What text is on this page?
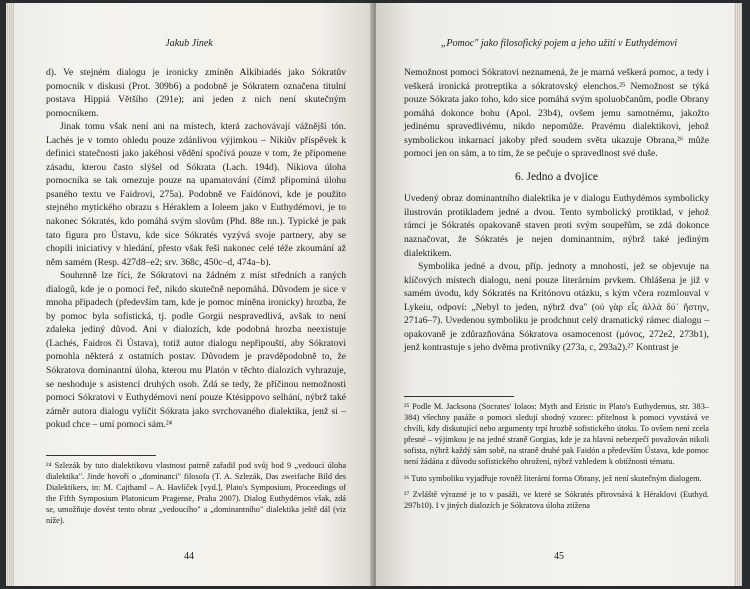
Jakub Jinek

d). Ve stejném dialogu je ironicky zmíněn Alkibiadés jako Sókratův pomocník v diskusi (Prot. 309b6) a podobně je Sókratem označena titulní postava Hippiá Většího (291e); ani jeden z nich není skutečným pomocníkem.

Jinak tomu však není ani na místech, která zachovávají vážnější tón. Lachés je v tomto ohledu pouze zdánlivou výjimkou – Nikiův příspěvek k definici statečnosti jako jakéhosi vědění spočívá pouze v tom, že připomene zásadu, kterou často slýšel od Sókrata (Lach. 194d). Nikiova úloha pomocníka se tak omezuje pouze na upamatování (čímž připomíná úlohu psaného textu ve Faidrovi, 275a). Podobně ve Faidónovi, kde je použito stejného mytického obrazu s Héraklem a Ioleem jako v Euthydémovi, je to nakonec Sókratés, kdo pomáhá svým slovům (Phd. 88e nn.). Typické je pak tato figura pro Ústavu, kde sice Sókratés vyzývá svoje partnery, aby se chopili iniciativy v hledání, přesto však řeší nakonec celé téže zkoumání až něm samém (Resp. 427d8–e2; srv. 368c, 450c–d, 474a–b).

Souhrnně lze říci, že Sókratovi na žádném z míst středních a raných dialogů, kde je o pomoci řeč, nikdo skutečně nepomáhá. Důvodem je sice v mnoha případech (především tam, kde je pomoc míněna ironicky) hrozba, že by pomoc byla sofistická, tj. podle Gorgii nespravedlivá, avšak to není zdaleka jediný důvod. Ani v dialozích, kde podobná hrozba neexistuje (Lachés, Faidros či Ústava), totiž autor dialogu nepřipouští, aby Sókratovi pomohla některá z ostatních postav. Důvodem je pravděpodobně to, že Sókratova dominantní úloha, kterou mu Platón v těchto dialozích vyhrazuje, se neshoduje s asistencí druhých osob. Zdá se tedy, že příčinou nemožnosti pomoci Sókratovi v Euthydémovi není pouze Ktésippovo selhání, nýbrž také záměr autora dialogu vylíčit Sókrata jako svrchovaného dialektika, jenž si – pokud chce – umí pomoci sám.²⁴

²⁴ Szlezák by tuto dialektikovu vlastnost patrně zařadil pod svůj bod 9 „vedoucí úloha dialektika". Jinde hovoří o „dominanci" filosofa (T. A. Szlezák, Das zweifache Bild des Dialektikers, in: M. Cajthaml – A. Havlíček [vyd.], Plato's Symposium, Proceedings of the Fifth Symposium Platonicum Pragense, Praha 2007). Dialog Euthydémos však, zdá se, umožňuje dovést tento obraz „vedoucího" a „dominantního" dialektika ještě dál (viz níže).
44
„Pomoc" jako filosofický pojem a jeho užití v Euthydémovi

Nemožnost pomoci Sókratovi neznamená, že je marná veškerá pomoc, a tedy i veškerá ironická protreptika a sókratovský elenchos.²⁵ Nemožnost se týká pouze Sókrata jako toho, kdo sice pomáhá svým spoluobčanům, podle Obrany pomáhá dokonce bohu (Apol. 23b4), ovšem jemu samotnému, jakožto jedinému spravedlivému, nikdo nepomůže. Pravému dialektikovi, jehož symbolickou inkarnací jakoby před soudem světa ukazuje Obrana,²⁶ může pomoci jen on sám, a to tím, že se pečuje o spravedlnost své duše.

6. Jedno a dvojice

Uvedený obraz dominantního dialektika je v dialogu Euthydémos symbolicky ilustrován protikladem jedné a dvou. Tento symbolický protiklad, v jehož rámci je Sókratés opakovaně staven proti svým soupeřům, se zdá dokonce naznačovat, že Sókratés je nejen dominantním, nýbrž také jediným dialektikem.

Symbolika jedné a dvou, příp. jednoty a mnohosti, jež se objevuje na klíčových místech dialogu, není pouze literárním prvkem. Ohlášena je již v samém úvodu, kdy Sókratés na Kritónovu otázku, s kým včera rozmlouval v Lykeiu, odpoví: „Nebyl to jeden, nýbrž dva" (οὐ γὰρ εἷς ἀλλὰ δύ᾽ ἤστην, 271a6–7). Uvedenou symboliku je prodchnut celý dramatický rámec dialogu – opakovaně je zdůrazňována Sókratova osamocenost (μόνος, 272e2, 273b1), jenž kontrastuje s jeho dvěma protivníky (273a, c, 293a2).²⁷ Kontrast je

²⁵ Podle M. Jacksona (Socrates' Iolaos: Myth and Eristic in Plato's Euthydemus, str. 383–384) všechny pasáže o pomoci sledují shodný vzorec: přítelnost k pomoci vyvstává ve chvíli, kdy diskutující nebo argumenty trpí hrozbě sofistického útoku. To ovšem není zcela přesné – výjimkou je na jedné straně Gorgias, kde je za hlavní nebezpečí považován nikoli sofista, nýbrž každý sám sobě, na straně druhé pak Faidón a především Ústava, kde pomoc není žádána z důvodu sofistického ohrožení, nýbrž vzhledem k obtížnosti tématu.

²⁶ Tuto symboliku vyjadřuje rovněž literární forma Obrany, jež není skutečným dialogem.

²⁷ Zvláště výrazné je to v pasáži, ve které se Sókratés přirovnává k Héraklovi (Euthyd. 297b10). I v jiných dialozích je Sókratova úloha ztížena

45
